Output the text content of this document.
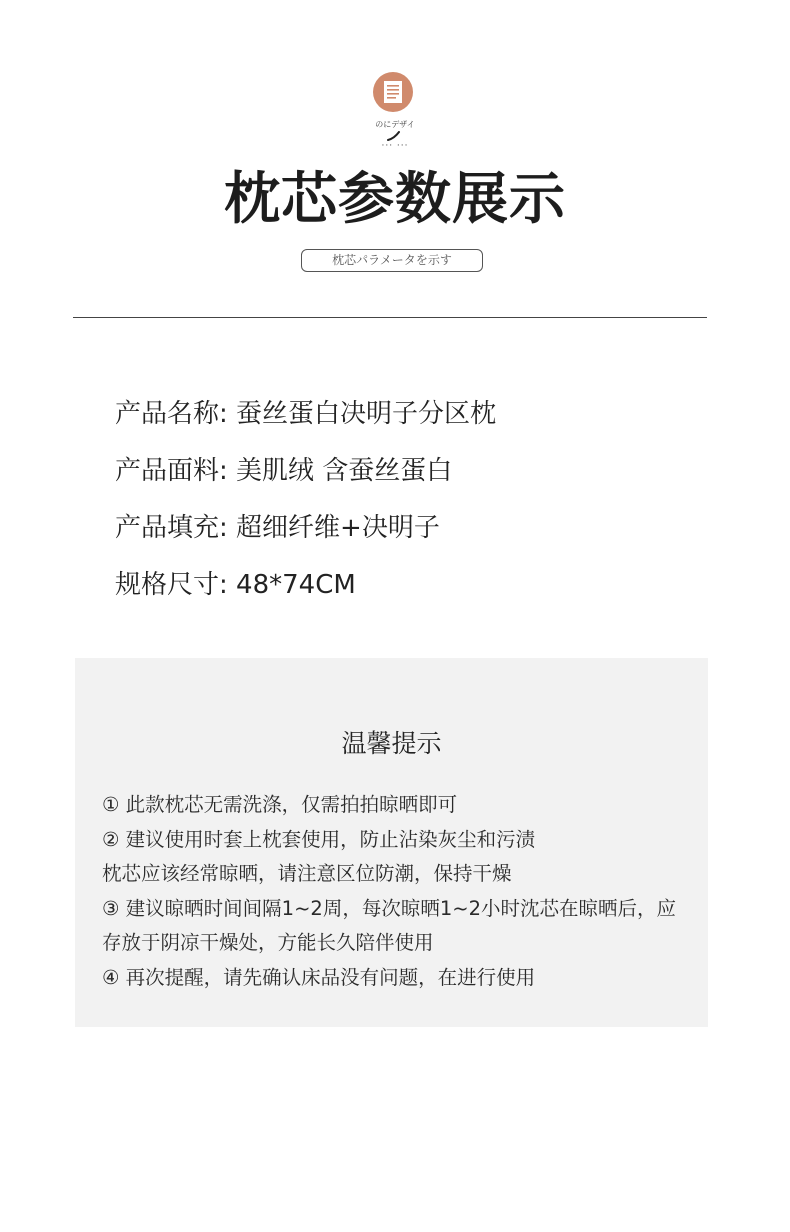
のにデザイ
··· ···
枕芯参数展示
枕芯パラメータを示す
产品名称: 蚕丝蛋白决明子分区枕
产品面料: 美肌绒 含蚕丝蛋白
产品填充: 超细纤维+决明子
规格尺寸: 48*74CM
温馨提示
① 此款枕芯无需洗涤，仅需拍拍晾晒即可
② 建议使用时套上枕套使用，防止沾染灰尘和污渍
枕芯应该经常晾晒，请注意区位防潮，保持干燥
③ 建议晾晒时间间隔1~2周，每次晾晒1~2小时沈芯在晾晒后，应
存放于阴凉干燥处，方能长久陪伴使用
④ 再次提醒，请先确认床品没有问题，在进行使用
